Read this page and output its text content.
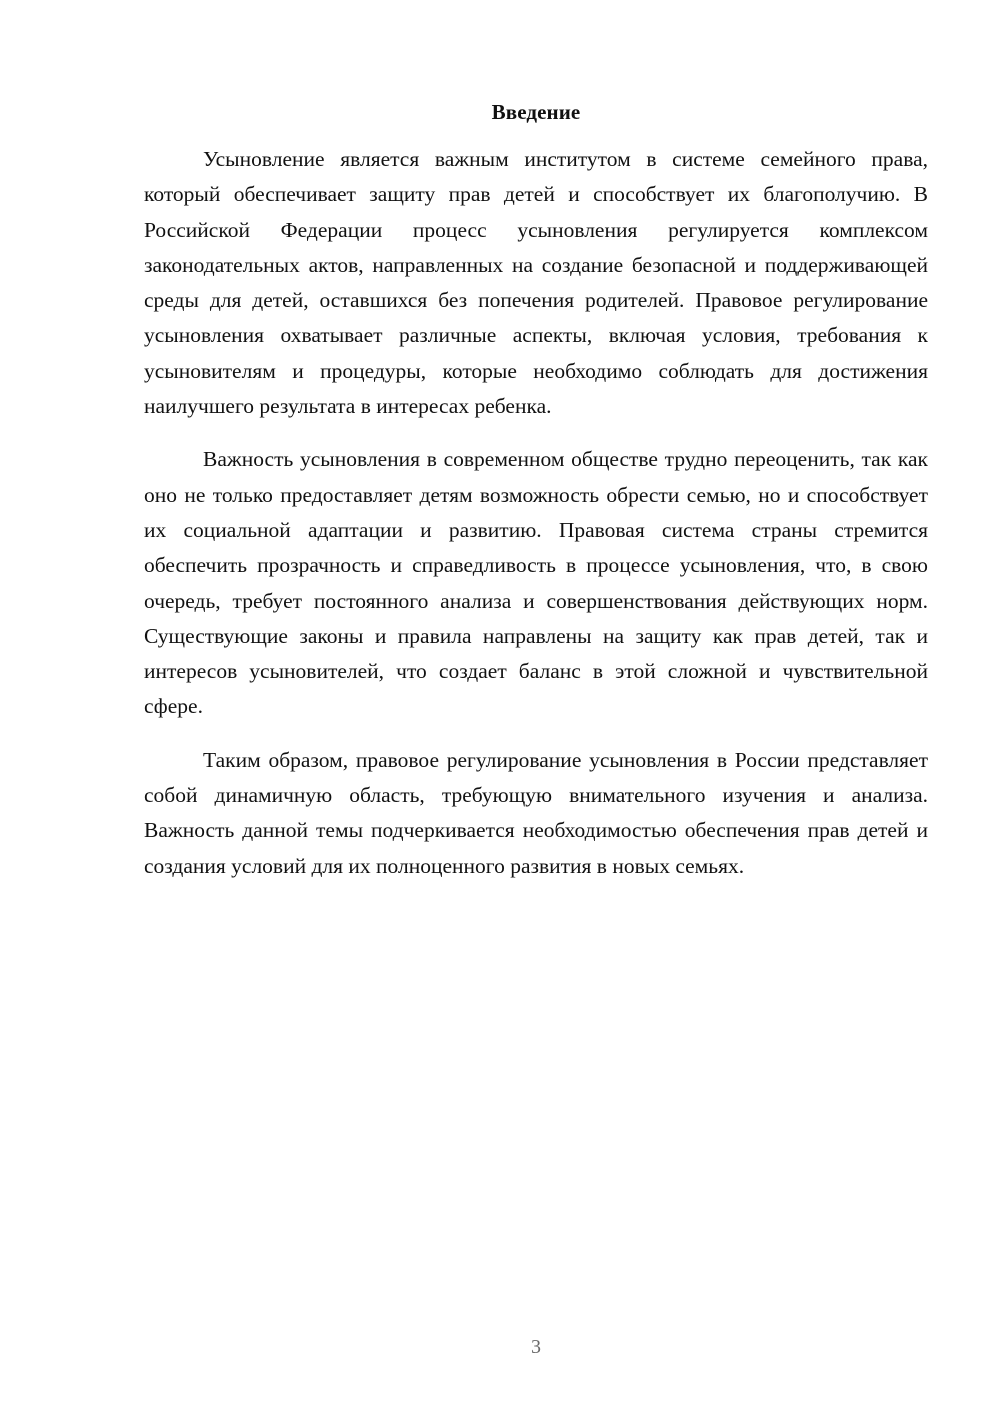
Введение

Усыновление является важным институтом в системе семейного права, который обеспечивает защиту прав детей и способствует их благополучию. В Российской Федерации процесс усыновления регулируется комплексом законодательных актов, направленных на создание безопасной и поддерживающей среды для детей, оставшихся без попечения родителей. Правовое регулирование усыновления охватывает различные аспекты, включая условия, требования к усыновителям и процедуры, которые необходимо соблюдать для достижения наилучшего результата в интересах ребенка.

Важность усыновления в современном обществе трудно переоценить, так как оно не только предоставляет детям возможность обрести семью, но и способствует их социальной адаптации и развитию. Правовая система страны стремится обеспечить прозрачность и справедливость в процессе усыновления, что, в свою очередь, требует постоянного анализа и совершенствования действующих норм. Существующие законы и правила направлены на защиту как прав детей, так и интересов усыновителей, что создает баланс в этой сложной и чувствительной сфере.

Таким образом, правовое регулирование усыновления в России представляет собой динамичную область, требующую внимательного изучения и анализа. Важность данной темы подчеркивается необходимостью обеспечения прав детей и создания условий для их полноценного развития в новых семьях.

3
